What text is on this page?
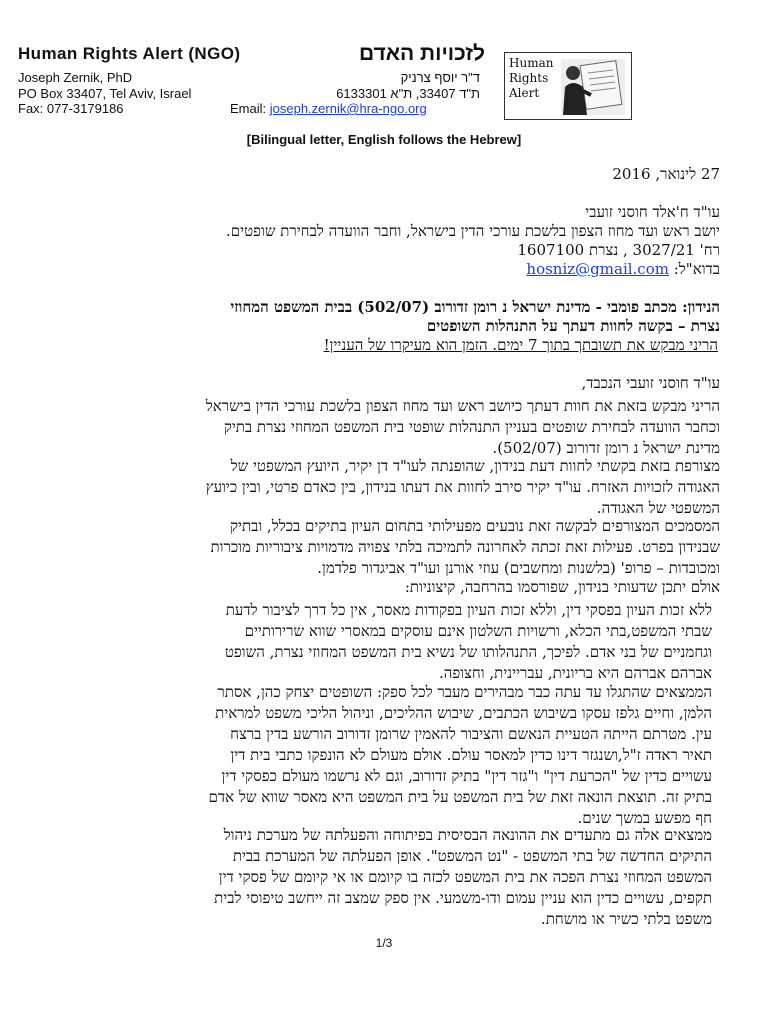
Human Rights Alert (NGO)	לזכויות האדם
Joseph Zernik, PhD
PO Box 33407, Tel Aviv, Israel
Fax: 077-3179186
ד"ר יוסף צרניק
ת"ד 33407, ת"א 6133301
Email: joseph.zernik@hra-ngo.org
Human
Rights
Alert
[Bilingual letter, English follows the Hebrew]
27 לינואר, 2016
עו"ד ח'אלד חוסני זועבי
יושב ראש ועד מחוז הצפון בלשכת עורכי הדין בישראל, וחבר הוועדה לבחירת שופטים.
רח' 3027/21 , נצרת 1607100
בדוא"ל: hosniz@gmail.com
הנידון: מכתב פומבי - מדינת ישראל נ רומן זדורוב (502/07) בבית המשפט המחוזי
נצרת – בקשה לחוות דעתך על התנהלות השופטים
הריני מבקש את תשובתך בתוך 7 ימים. הזמן הוא מעיקרו של העניין!
עו"ד חוסני זועבי הנכבד,
הריני מבקש בזאת את חוות דעתך כיושב ראש ועד מחוז הצפון בלשכת עורכי הדין בישראל
וכחבר הוועדה לבחירת שופטים בעניין התנהלות שופטי בית המשפט המחוזי נצרת בתיק
מדינת ישראל נ רומן זדורוב (502/07).
מצורפת בזאת בקשתי לחוות דעת בנידון, שהופנתה לעו"ד דן יקיר, היועץ המשפטי של
האגודה לזכויות האזרח. עו"ד יקיר סירב לחוות את דעתו בנידון, בין כאדם פרטי, ובין כיועץ
המשפטי של האגודה.
המסמכים המצורפים לבקשה זאת נובעים מפעילותי בתחום העיון בתיקים בכלל, ובתיק
שבנידון בפרט. פעילות זאת זכתה לאחרונה לתמיכה בלתי צפויה מדמויות ציבוריות מוכרות
ומכובדות – פרופ' (בלשנות ומחשבים) עוזי אורנן ועו"ד אביגדור פלדמן.
אולם יתכן שדעותי בנידון, שפורסמו בהרחבה, קיצוניות:
ללא זכות העיון בפסקי דין, וללא זכות העיון בפקודות מאסר, אין כל דרך לציבור לדעת
שבתי המשפט,בתי הכלא, ורשויות השלטון אינם עוסקים במאסרי שווא שרירותיים
וגחמניים של בני אדם. לפיכך, התנהלותו של נשיא בית המשפט המחוזי נצרת, השופט
אברהם אברהם היא בריונית, עבריינית, וחצופה.
הממצאים שהתגלו עד עתה כבר מבהירים מעבר לכל ספק: השופטים יצחק כהן, אסתר
הלמן, וחיים גלפז עסקו בשיבוש הכתבים, שיבוש ההליכים, וניהול הליכי משפט למראית
עין. מטרתם הייתה הטעיית הנאשם והציבור להאמין שרומן זדורוב הורשע בדין ברצח
תאיר ראדה ז"ל,ושנגזר דינו כדין למאסר עולם. אולם מעולם לא הונפקו כתבי בית דין
עשויים כדין של "הכרעת דין" ו"גזר דין" בתיק זדורוב, וגם לא נרשמו מעולם כפסקי דין
בתיק זה. תוצאת הונאה זאת של בית המשפט על בית המשפט היא מאסר שווא של אדם
חף מפשע במשך שנים.
ממצאים אלה גם מתעדים את ההונאה הבסיסית בפיתוחה והפעלתה של מערכת ניהול
התיקים החדשה של בתי המשפט - "נט המשפט". אופן הפעלתה של המערכת בבית
המשפט המחוזי נצרת הפכה את בית המשפט לכזה בו קיומם או אי קיומם של פסקי דין
תקפים, עשויים כדין הוא עניין עמום ודו-משמעי. אין ספק שמצב זה ייחשב טיפוסי לבית
משפט בלתי כשיר או מושחת.
1/3
